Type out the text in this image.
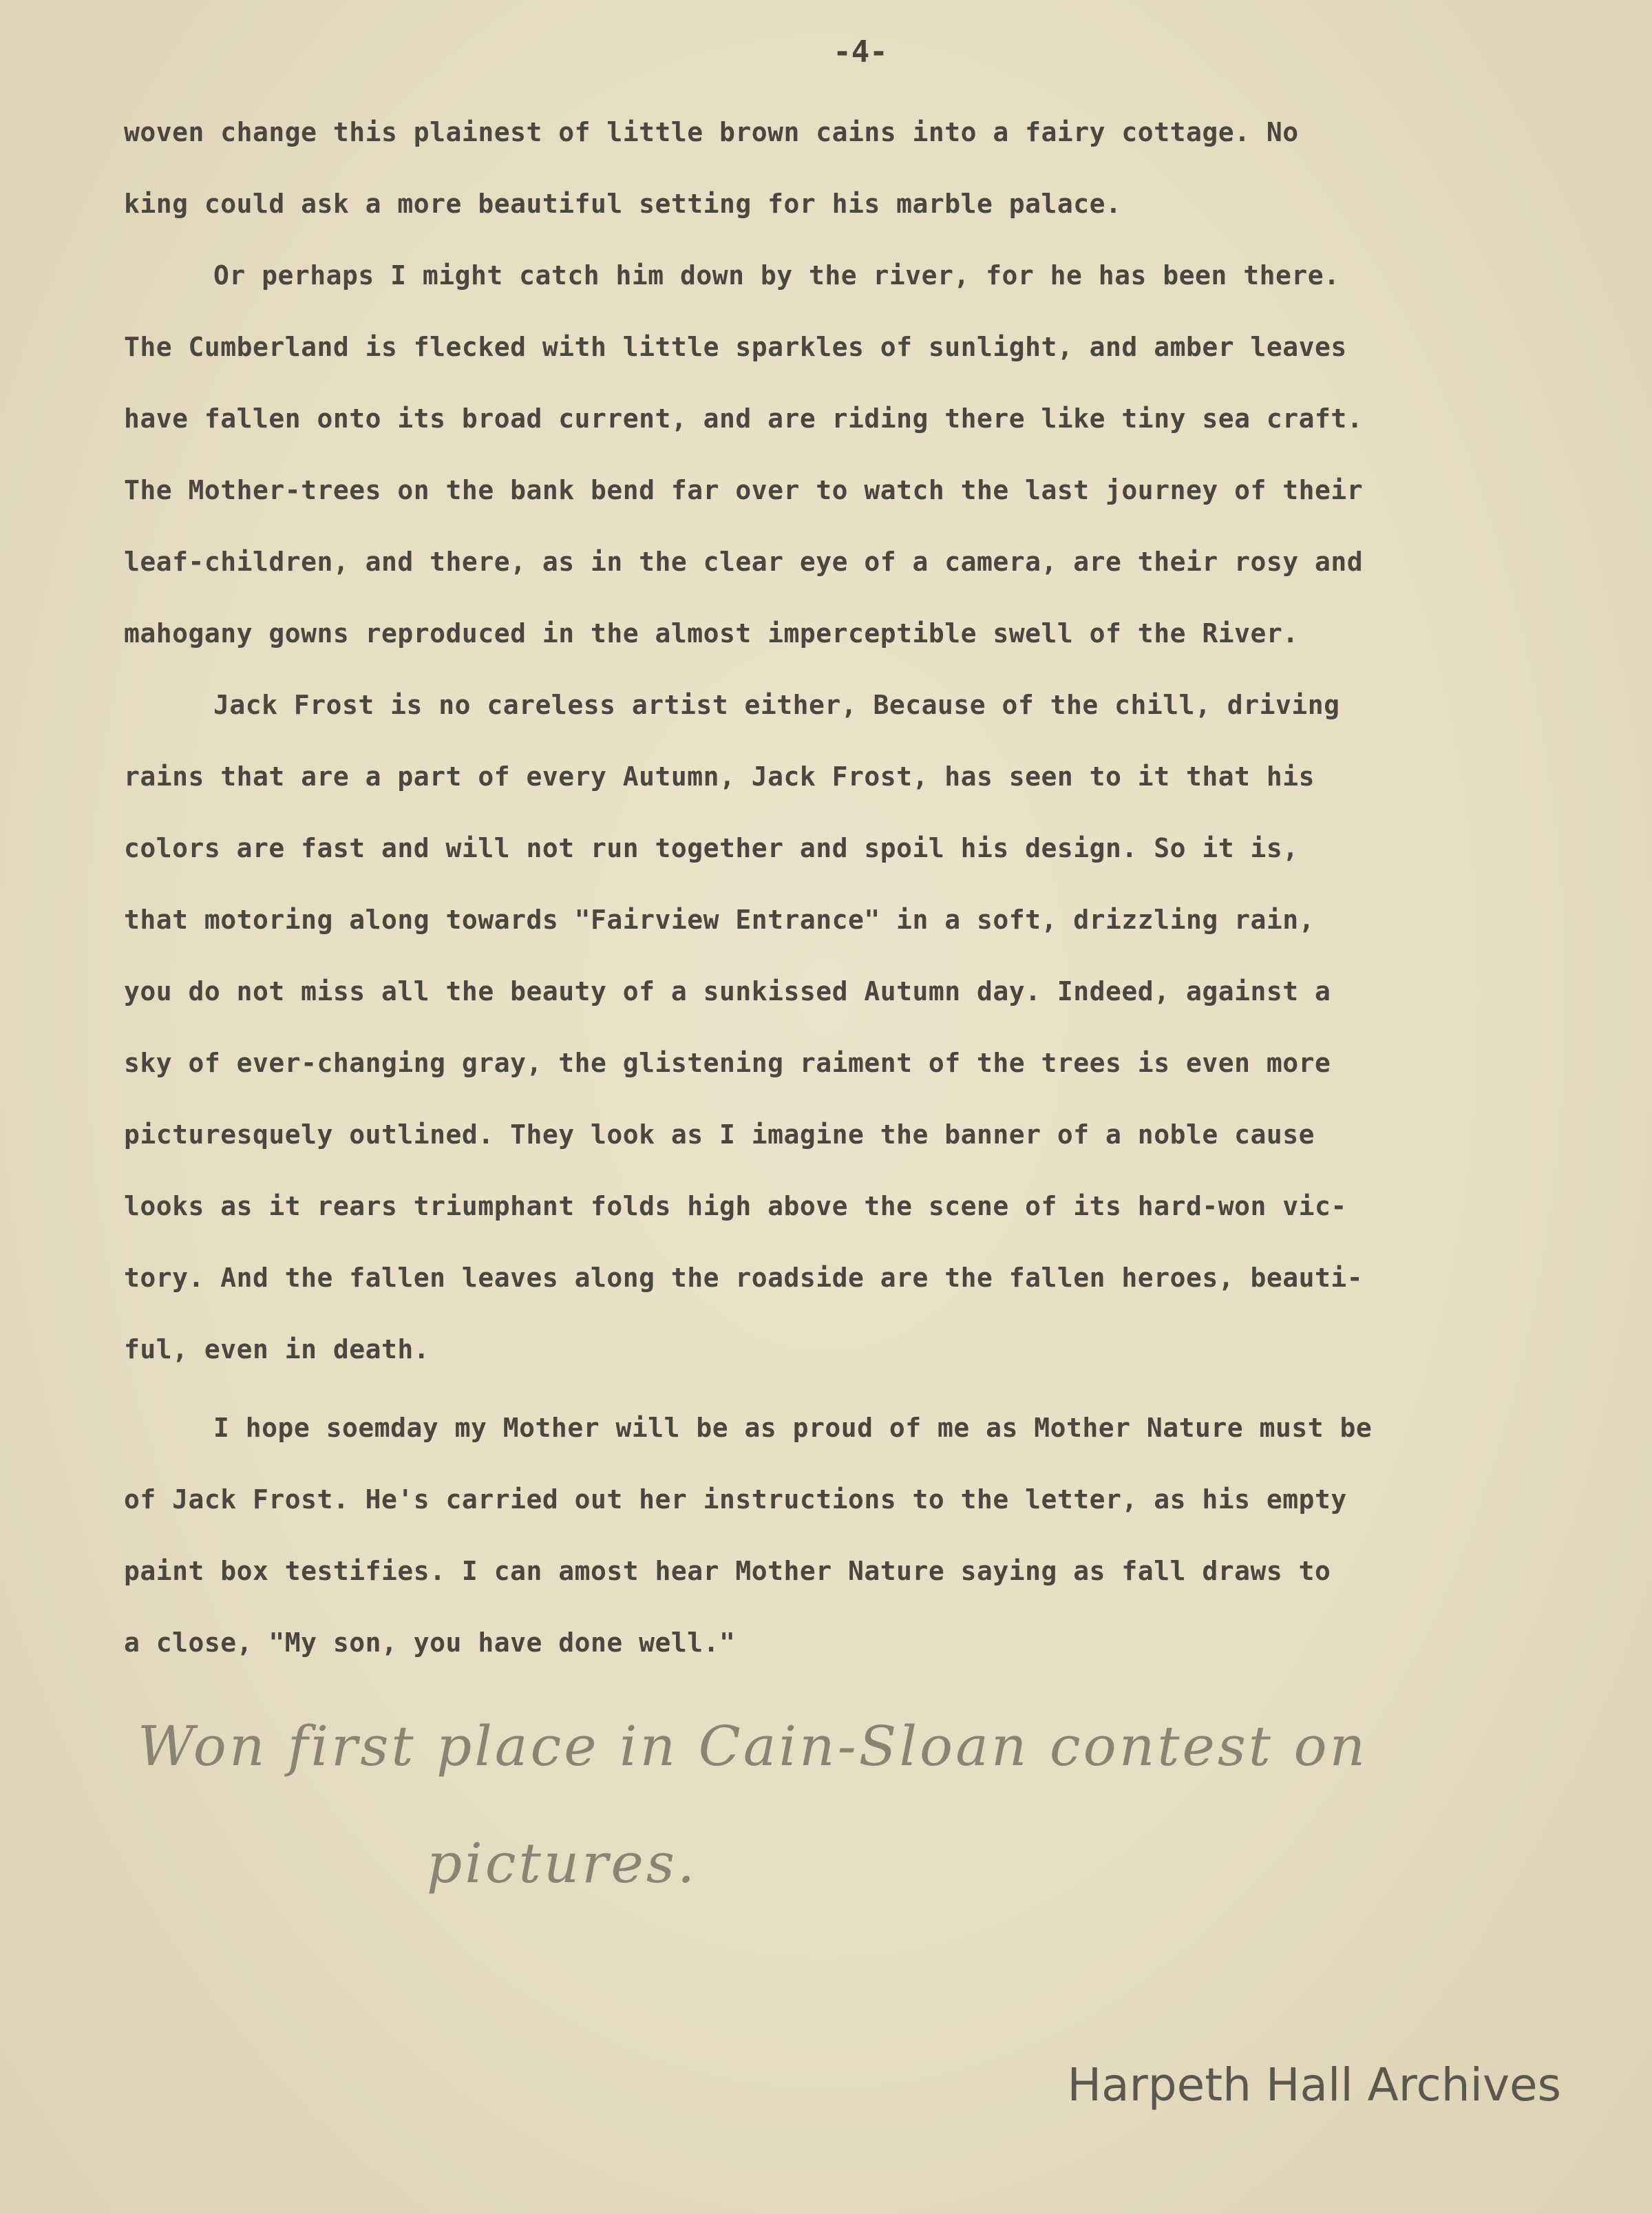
-4-

woven change this plainest of little brown cains into a fairy cottage. No

king could ask a more beautiful setting for his marble palace.

Or perhaps I might catch him down by the river, for he has been there.

The Cumberland is flecked with little sparkles of sunlight, and amber leaves

have fallen onto its broad current, and are riding there like tiny sea craft.

The Mother-trees on the bank bend far over to watch the last journey of their

leaf-children, and there, as in the clear eye of a camera, are their rosy and

mahogany gowns reproduced in the almost imperceptible swell of the River.

Jack Frost is no careless artist either, Because of the chill, driving

rains that are a part of every Autumn, Jack Frost, has seen to it that his

colors are fast and will not run together and spoil his design. So it is,

that motoring along towards "Fairview Entrance" in a soft, drizzling rain,

you do not miss all the beauty of a sunkissed Autumn day. Indeed, against a

sky of ever-changing gray, the glistening raiment of the trees is even more

picturesquely outlined. They look as I imagine the banner of a noble cause

looks as it rears triumphant folds high above the scene of its hard-won vic-

tory. And the fallen leaves along the roadside are the fallen heroes, beauti-

ful, even in death.

I hope soemday my Mother will be as proud of me as Mother Nature must be

of Jack Frost. He's carried out her instructions to the letter, as his empty

paint box testifies. I can amost hear Mother Nature saying as fall draws to

a close, "My son, you have done well."

Won first place in Cain-Sloan contest on
pictures.
Harpeth Hall Archives
